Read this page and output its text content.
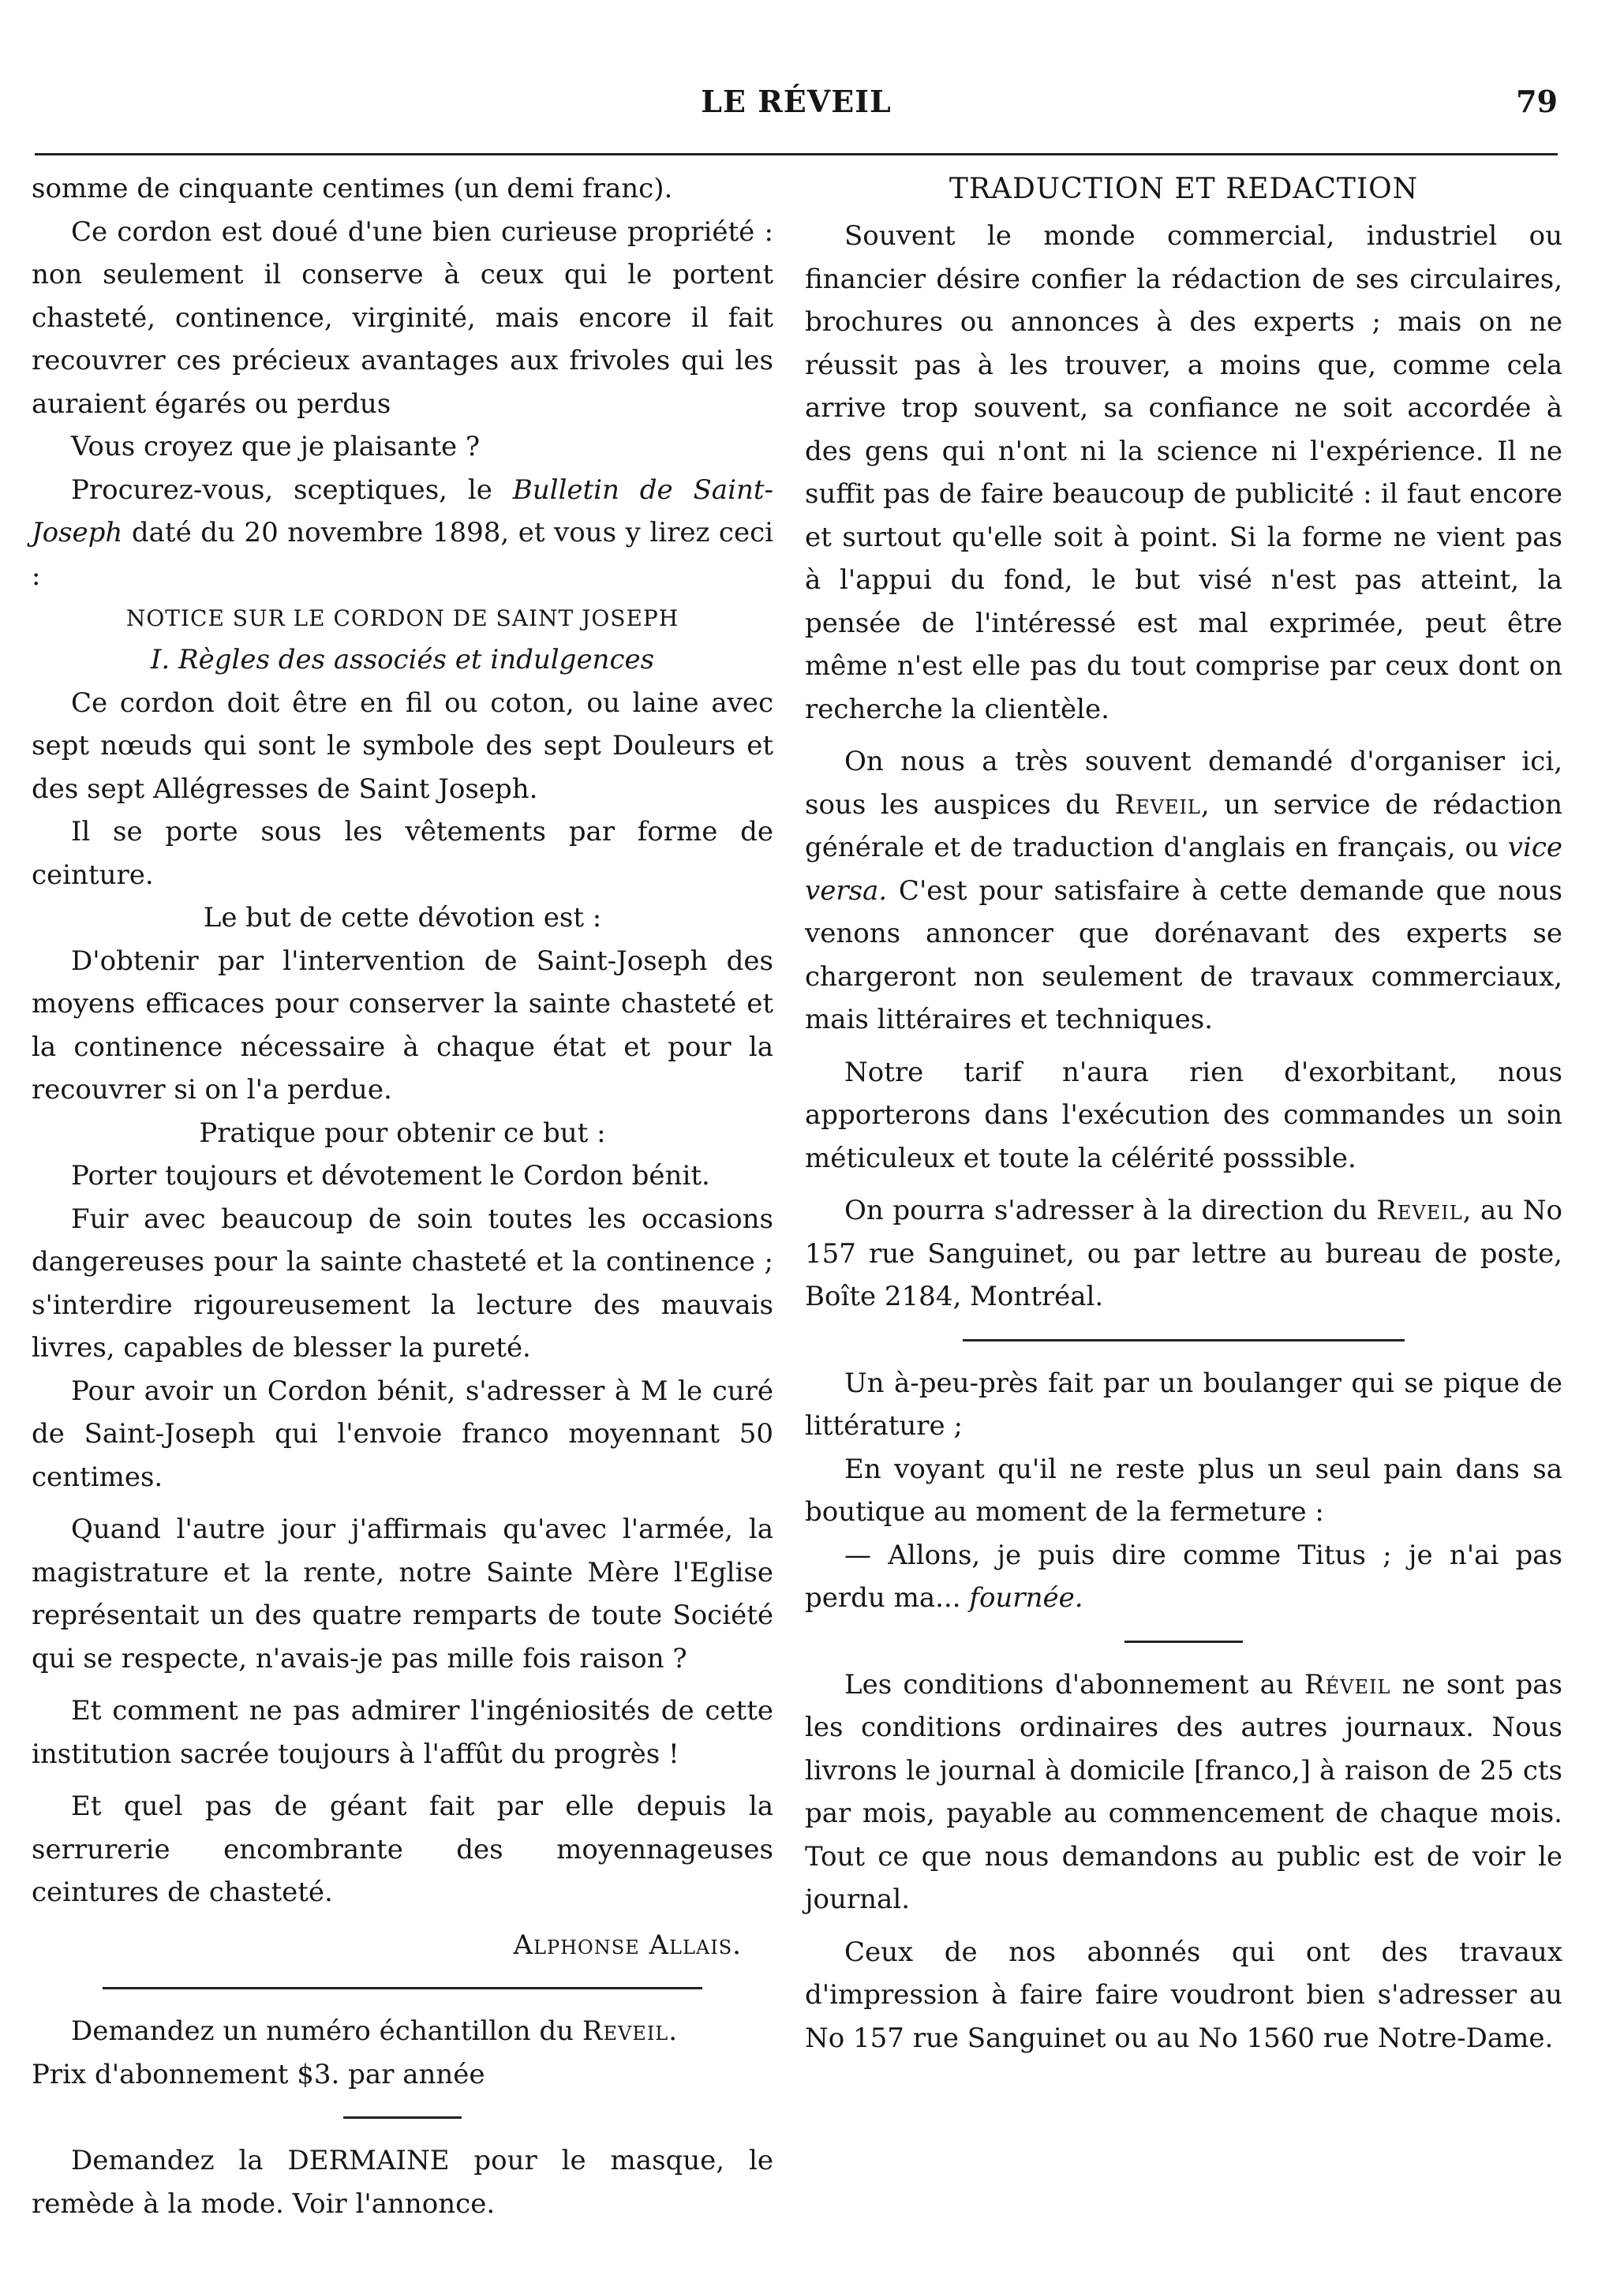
LE RÉVEIL	79

somme de cinquante centimes (un demi franc).

Ce cordon est doué d'une bien curieuse propriété : non seulement il conserve à ceux qui le portent chasteté, continence, virginité, mais encore il fait recouvrer ces précieux avantages aux frivoles qui les auraient égarés ou perdus

Vous croyez que je plaisante ?

Procurez-vous, sceptiques, le Bulletin de Saint-Joseph daté du 20 novembre 1898, et vous y lirez ceci :

NOTICE SUR LE CORDON DE SAINT JOSEPH

I. Règles des associés et indulgences

Ce cordon doit être en fil ou coton, ou laine avec sept nœuds qui sont le symbole des sept Douleurs et des sept Allégresses de Saint Joseph.

Il se porte sous les vêtements par forme de ceinture.

Le but de cette dévotion est :

D'obtenir par l'intervention de Saint-Joseph des moyens efficaces pour conserver la sainte chasteté et la continence nécessaire à chaque état et pour la recouvrer si on l'a perdue.

Pratique pour obtenir ce but :

Porter toujours et dévotement le Cordon bénit.

Fuir avec beaucoup de soin toutes les occasions dangereuses pour la sainte chasteté et la continence ; s'interdire rigoureusement la lecture des mauvais livres, capables de blesser la pureté.

Pour avoir un Cordon bénit, s'adresser à M le curé de Saint-Joseph qui l'envoie franco moyennant 50 centimes.

Quand l'autre jour j'affirmais qu'avec l'armée, la magistrature et la rente, notre Sainte Mère l'Eglise représentait un des quatre remparts de toute Société qui se respecte, n'avais-je pas mille fois raison ?

Et comment ne pas admirer l'ingéniosités de cette institution sacrée toujours à l'affût du progrès !

Et quel pas de géant fait par elle depuis la serrurerie encombrante des moyennageuses ceintures de chasteté.

Alphonse Allais.

Demandez un numéro échantillon du Reveil.

Prix d'abonnement $3. par année

Demandez la DERMAINE pour le masque, le remède à la mode. Voir l'annonce.

TRADUCTION ET REDACTION

Souvent le monde commercial, industriel ou financier désire confier la rédaction de ses circulaires, brochures ou annonces à des experts ; mais on ne réussit pas à les trouver, a moins que, comme cela arrive trop souvent, sa confiance ne soit accordée à des gens qui n'ont ni la science ni l'expérience. Il ne suffit pas de faire beaucoup de publicité : il faut encore et surtout qu'elle soit à point. Si la forme ne vient pas à l'appui du fond, le but visé n'est pas atteint, la pensée de l'intéressé est mal exprimée, peut être même n'est elle pas du tout comprise par ceux dont on recherche la clientèle.

On nous a très souvent demandé d'organiser ici, sous les auspices du Reveil, un service de rédaction générale et de traduction d'anglais en français, ou vice versa. C'est pour satisfaire à cette demande que nous venons annoncer que dorénavant des experts se chargeront non seulement de travaux commerciaux, mais littéraires et techniques.

Notre tarif n'aura rien d'exorbitant, nous apporterons dans l'exécution des commandes un soin méticuleux et toute la célérité posssible.

On pourra s'adresser à la direction du Reveil, au No 157 rue Sanguinet, ou par lettre au bureau de poste, Boîte 2184, Montréal.

Un à-peu-près fait par un boulanger qui se pique de littérature ;

En voyant qu'il ne reste plus un seul pain dans sa boutique au moment de la fermeture :

— Allons, je puis dire comme Titus ; je n'ai pas perdu ma... fournée.

Les conditions d'abonnement au Réveil ne sont pas les conditions ordinaires des autres journaux. Nous livrons le journal à domicile [franco,] à raison de 25 cts par mois, payable au commencement de chaque mois. Tout ce que nous demandons au public est de voir le journal.

Ceux de nos abonnés qui ont des travaux d'impression à faire faire voudront bien s'adresser au No 157 rue Sanguinet ou au No 1560 rue Notre-Dame.
